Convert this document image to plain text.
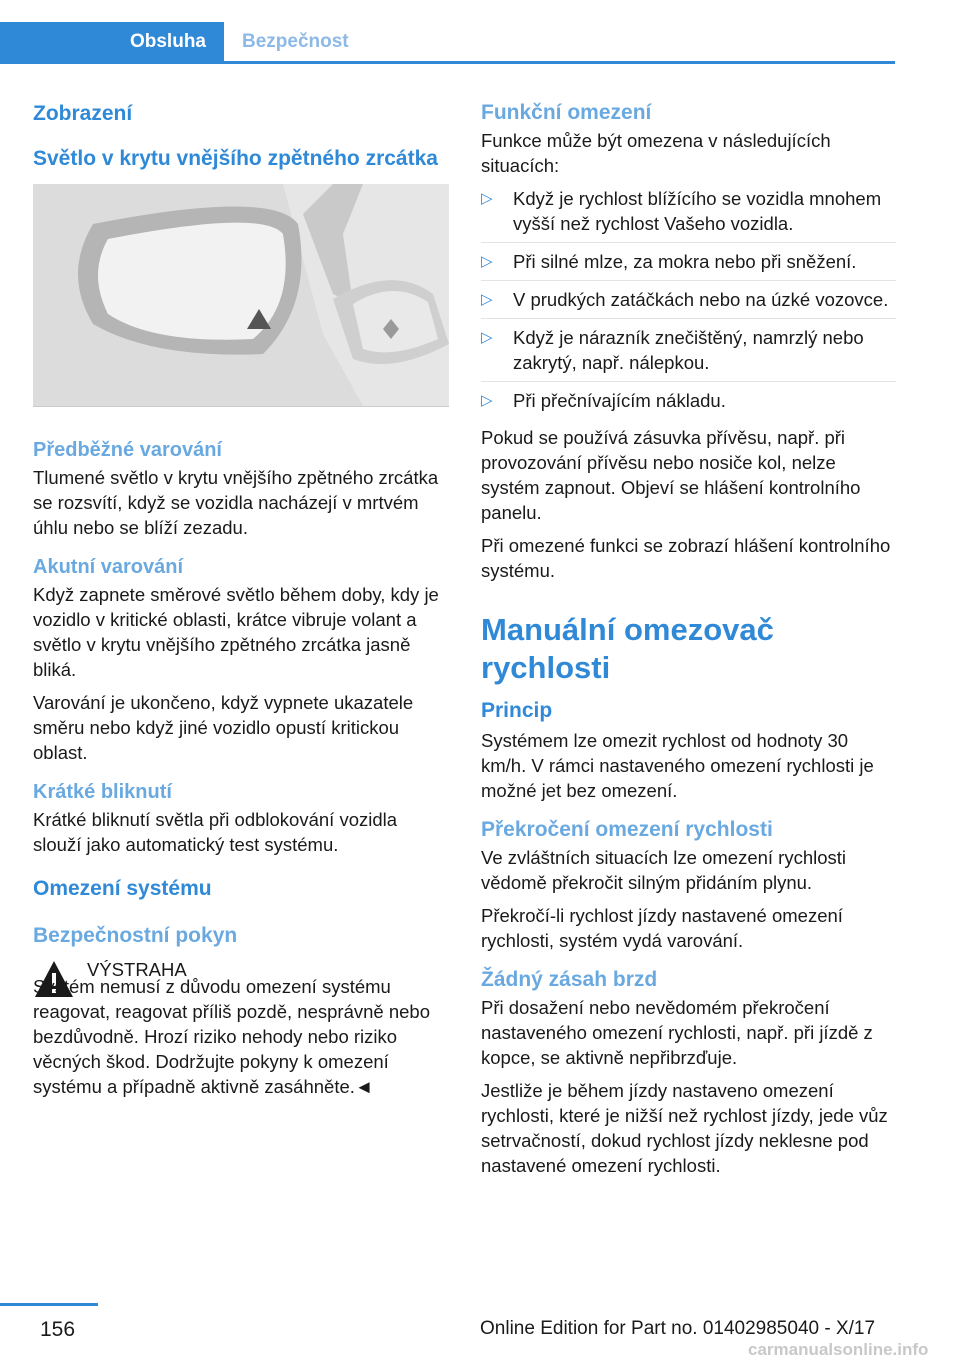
Obsluha	Bezpečnost
Zobrazení
Světlo v krytu vnějšího zpětného zrcátka
Předběžné varování

Tlumené světlo v krytu vnějšího zpětného zrcátka se rozsvítí, když se vozidla nacházejí v mrtvém úhlu nebo se blíží zezadu.

Akutní varování

Když zapnete směrové světlo během doby, kdy je vozidlo v kritické oblasti, krátce vibruje volant a světlo v krytu vnějšího zpětného zrcátka jasně bliká.

Varování je ukončeno, když vypnete ukazatele směru nebo když jiné vozidlo opustí kritickou oblast.

Krátké bliknutí

Krátké bliknutí světla při odblokování vozidla slouží jako automatický test systému.

Omezení systému
Bezpečnostní pokyn

VÝSTRAHA

Systém nemusí z důvodu omezení systému reagovat, reagovat příliš pozdě, nesprávně nebo bezdůvodně. Hrozí riziko nehody nebo riziko věcných škod. Dodržujte pokyny k omezení systému a případně aktivně zasáhněte.◄

Funkční omezení

Funkce může být omezena v následujících situacích:

▷ Když je rychlost blížícího se vozidla mnohem vyšší než rychlost Vašeho vozidla.
▷ Při silné mlze, za mokra nebo při sněžení.
▷ V prudkých zatáčkách nebo na úzké vozovce.
▷ Když je nárazník znečištěný, namrzlý nebo zakrytý, např. nálepkou.
▷ Při přečnívajícím nákladu.

Pokud se používá zásuvka přívěsu, např. při provozování přívěsu nebo nosiče kol, nelze systém zapnout. Objeví se hlášení kontrolního panelu.

Při omezené funkci se zobrazí hlášení kontrolního systému.

Manuální omezovač rychlosti
Princip

Systémem lze omezit rychlost od hodnoty 30 km/h. V rámci nastaveného omezení rychlosti je možné jet bez omezení.

Překročení omezení rychlosti

Ve zvláštních situacích lze omezení rychlosti vědomě překročit silným přidáním plynu.

Překročí-li rychlost jízdy nastavené omezení rychlosti, systém vydá varování.

Žádný zásah brzd

Při dosažení nebo nevědomém překročení nastaveného omezení rychlosti, např. při jízdě z kopce, se aktivně nepřibrzďuje.

Jestliže je během jízdy nastaveno omezení rychlosti, které je nižší než rychlost jízdy, jede vůz setrvačností, dokud rychlost jízdy neklesne pod nastavené omezení rychlosti.

156	Online Edition for Part no. 01402985040 - X/17
carmanualsonline.info
